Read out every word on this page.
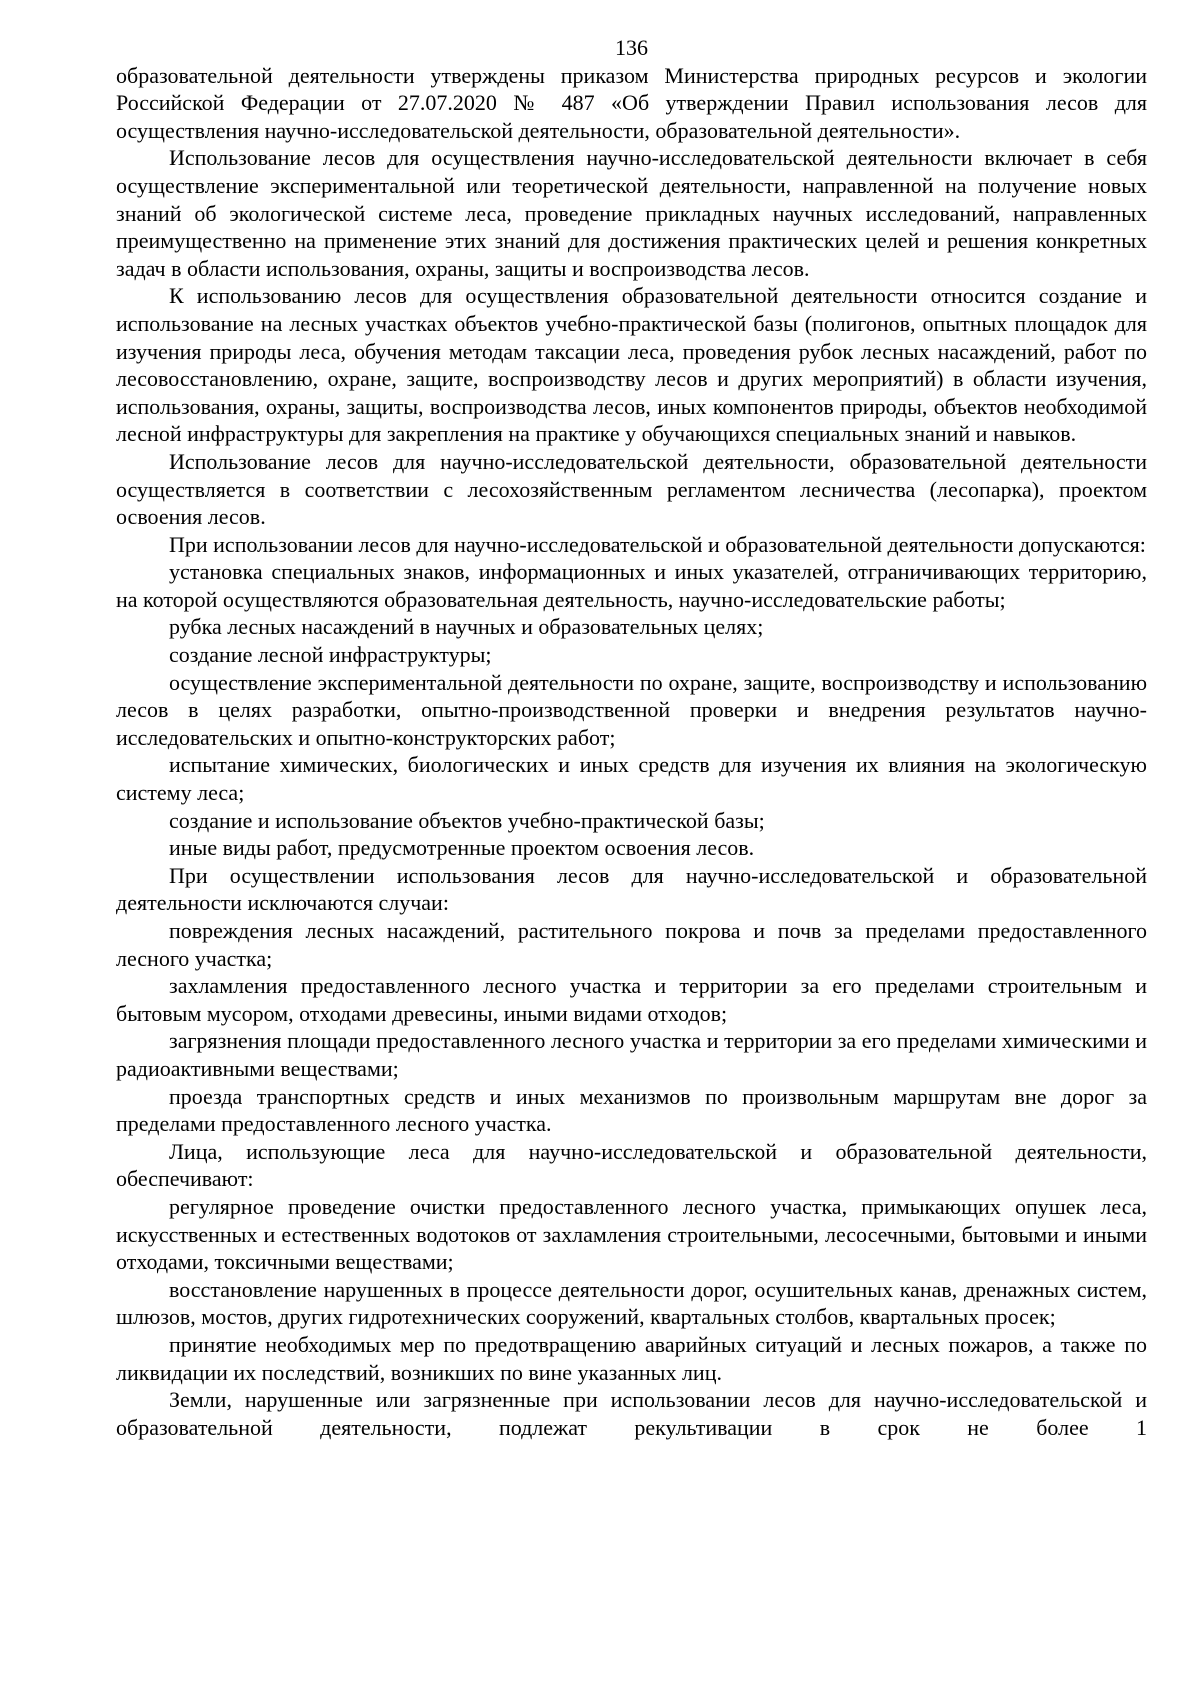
136

образовательной деятельности утверждены приказом Министерства природных ресурсов и экологии Российской Федерации от 27.07.2020 № 487 «Об утверждении Правил использования лесов для осуществления научно-исследовательской деятельности, образовательной деятельности».

Использование лесов для осуществления научно-исследовательской деятельности включает в себя осуществление экспериментальной или теоретической деятельности, направленной на получение новых знаний об экологической системе леса, проведение прикладных научных исследований, направленных преимущественно на применение этих знаний для достижения практических целей и решения конкретных задач в области использования, охраны, защиты и воспроизводства лесов.

К использованию лесов для осуществления образовательной деятельности относится создание и использование на лесных участках объектов учебно-практической базы (полигонов, опытных площадок для изучения природы леса, обучения методам таксации леса, проведения рубок лесных насаждений, работ по лесовосстановлению, охране, защите, воспроизводству лесов и других мероприятий) в области изучения, использования, охраны, защиты, воспроизводства лесов, иных компонентов природы, объектов необходимой лесной инфраструктуры для закрепления на практике у обучающихся специальных знаний и навыков.

Использование лесов для научно-исследовательской деятельности, образовательной деятельности осуществляется в соответствии с лесохозяйственным регламентом лесничества (лесопарка), проектом освоения лесов.

При использовании лесов для научно-исследовательской и образовательной деятельности допускаются:

установка специальных знаков, информационных и иных указателей, отграничивающих территорию, на которой осуществляются образовательная деятельность, научно-исследовательские работы;

рубка лесных насаждений в научных и образовательных целях;

создание лесной инфраструктуры;

осуществление экспериментальной деятельности по охране, защите, воспроизводству и использованию лесов в целях разработки, опытно-производственной проверки и внедрения результатов научно-исследовательских и опытно-конструкторских работ;

испытание химических, биологических и иных средств для изучения их влияния на экологическую систему леса;

создание и использование объектов учебно-практической базы;

иные виды работ, предусмотренные проектом освоения лесов.

При осуществлении использования лесов для научно-исследовательской и образовательной деятельности исключаются случаи:

повреждения лесных насаждений, растительного покрова и почв за пределами предоставленного лесного участка;

захламления предоставленного лесного участка и территории за его пределами строительным и бытовым мусором, отходами древесины, иными видами отходов;

загрязнения площади предоставленного лесного участка и территории за его пределами химическими и радиоактивными веществами;

проезда транспортных средств и иных механизмов по произвольным маршрутам вне дорог за пределами предоставленного лесного участка.

Лица, использующие леса для научно-исследовательской и образовательной деятельности, обеспечивают:

регулярное проведение очистки предоставленного лесного участка, примыкающих опушек леса, искусственных и естественных водотоков от захламления строительными, лесосечными, бытовыми и иными отходами, токсичными веществами;

восстановление нарушенных в процессе деятельности дорог, осушительных канав, дренажных систем, шлюзов, мостов, других гидротехнических сооружений, квартальных столбов, квартальных просек;

принятие необходимых мер по предотвращению аварийных ситуаций и лесных пожаров, а также по ликвидации их последствий, возникших по вине указанных лиц.

Земли, нарушенные или загрязненные при использовании лесов для научно-исследовательской и образовательной деятельности, подлежат рекультивации в срок не более 1
